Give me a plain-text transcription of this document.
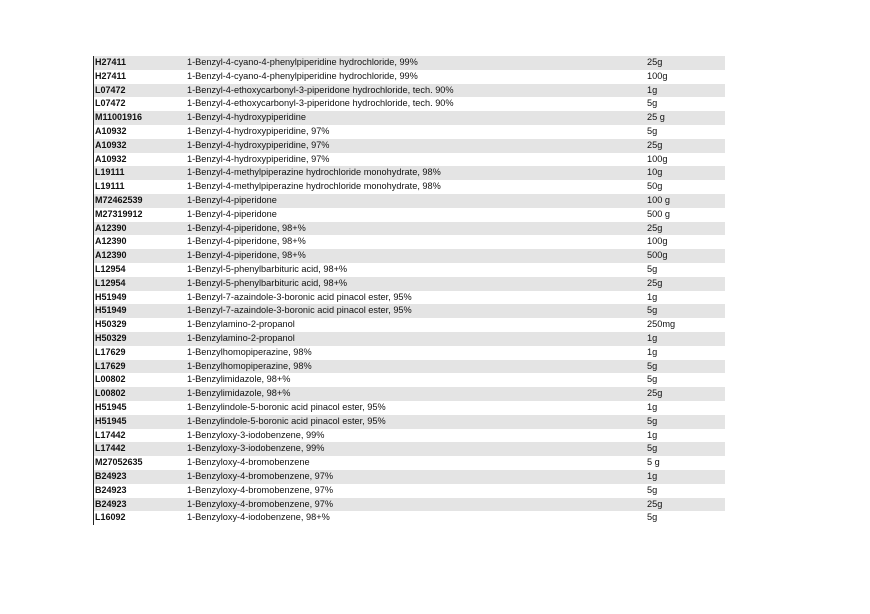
H27411	1-Benzyl-4-cyano-4-phenylpiperidine hydrochloride, 99%	25g
H27411	1-Benzyl-4-cyano-4-phenylpiperidine hydrochloride, 99%	100g
L07472	1-Benzyl-4-ethoxycarbonyl-3-piperidone hydrochloride, tech. 90%	1g
L07472	1-Benzyl-4-ethoxycarbonyl-3-piperidone hydrochloride, tech. 90%	5g
M11001916	1-Benzyl-4-hydroxypiperidine	25 g
A10932	1-Benzyl-4-hydroxypiperidine, 97%	5g
A10932	1-Benzyl-4-hydroxypiperidine, 97%	25g
A10932	1-Benzyl-4-hydroxypiperidine, 97%	100g
L19111	1-Benzyl-4-methylpiperazine hydrochloride monohydrate, 98%	10g
L19111	1-Benzyl-4-methylpiperazine hydrochloride monohydrate, 98%	50g
M72462539	1-Benzyl-4-piperidone	100 g
M27319912	1-Benzyl-4-piperidone	500 g
A12390	1-Benzyl-4-piperidone, 98+%	25g
A12390	1-Benzyl-4-piperidone, 98+%	100g
A12390	1-Benzyl-4-piperidone, 98+%	500g
L12954	1-Benzyl-5-phenylbarbituric acid, 98+%	5g
L12954	1-Benzyl-5-phenylbarbituric acid, 98+%	25g
H51949	1-Benzyl-7-azaindole-3-boronic acid pinacol ester, 95%	1g
H51949	1-Benzyl-7-azaindole-3-boronic acid pinacol ester, 95%	5g
H50329	1-Benzylamino-2-propanol	250mg
H50329	1-Benzylamino-2-propanol	1g
L17629	1-Benzylhomopiperazine, 98%	1g
L17629	1-Benzylhomopiperazine, 98%	5g
L00802	1-Benzylimidazole, 98+%	5g
L00802	1-Benzylimidazole, 98+%	25g
H51945	1-Benzylindole-5-boronic acid pinacol ester, 95%	1g
H51945	1-Benzylindole-5-boronic acid pinacol ester, 95%	5g
L17442	1-Benzyloxy-3-iodobenzene, 99%	1g
L17442	1-Benzyloxy-3-iodobenzene, 99%	5g
M27052635	1-Benzyloxy-4-bromobenzene	5 g
B24923	1-Benzyloxy-4-bromobenzene, 97%	1g
B24923	1-Benzyloxy-4-bromobenzene, 97%	5g
B24923	1-Benzyloxy-4-bromobenzene, 97%	25g
L16092	1-Benzyloxy-4-iodobenzene, 98+%	5g
